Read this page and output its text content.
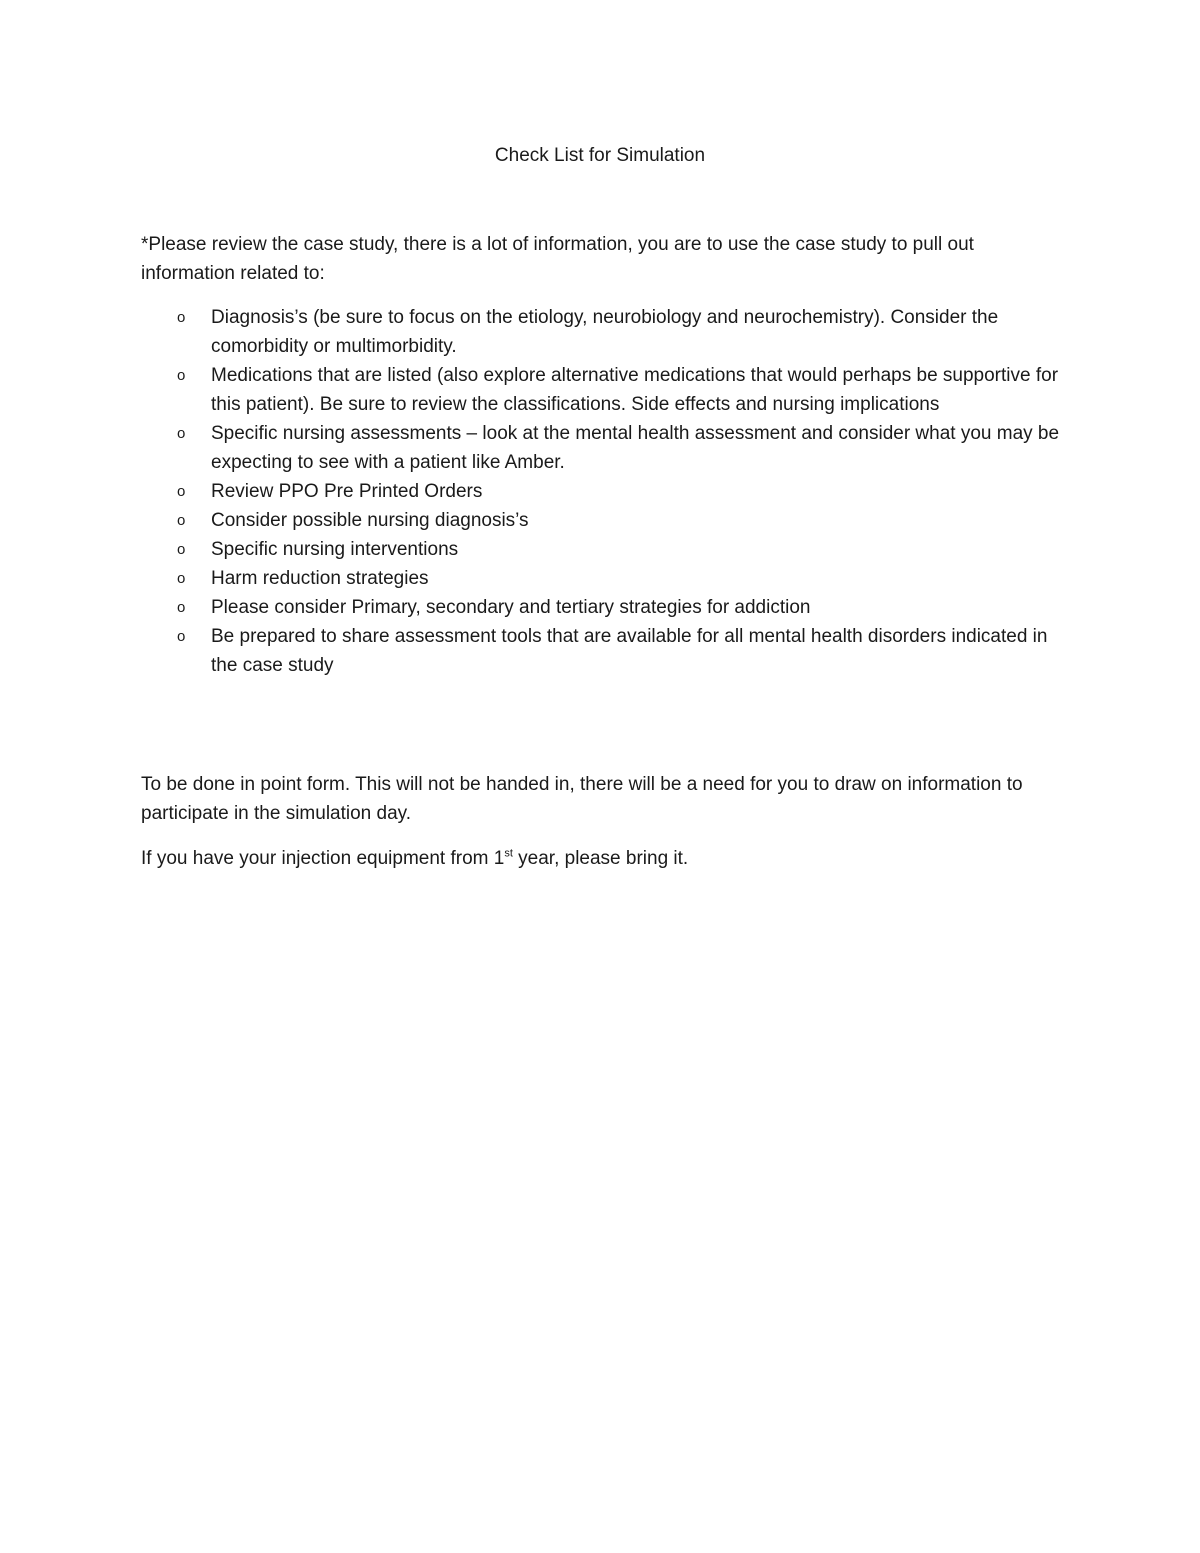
Check List for Simulation

*Please review the case study, there is a lot of information, you are to use the case study to pull out information related to:

o Diagnosis’s (be sure to focus on the etiology, neurobiology and neurochemistry). Consider the comorbidity or multimorbidity.
o Medications that are listed (also explore alternative medications that would perhaps be supportive for this patient). Be sure to review the classifications. Side effects and nursing implications
o Specific nursing assessments – look at the mental health assessment and consider what you may be expecting to see with a patient like Amber.
o Review PPO Pre Printed Orders
o Consider possible nursing diagnosis’s
o Specific nursing interventions
o Harm reduction strategies
o Please consider Primary, secondary and tertiary strategies for addiction
o Be prepared to share assessment tools that are available for all mental health disorders indicated in the case study

To be done in point form. This will not be handed in, there will be a need for you to draw on information to participate in the simulation day.

If you have your injection equipment from 1st year, please bring it.
